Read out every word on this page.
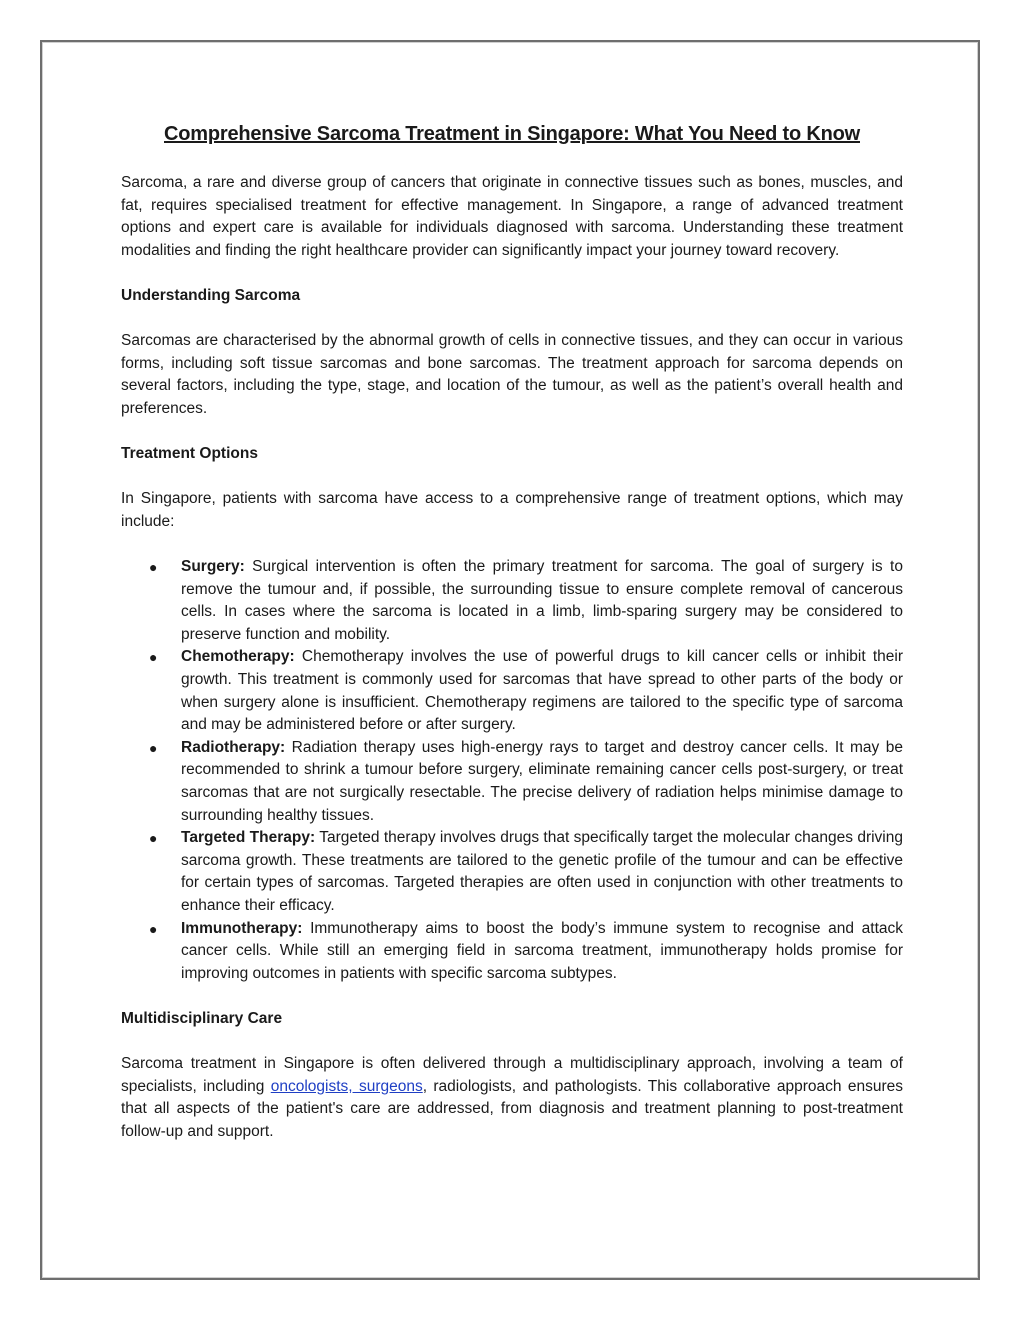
Comprehensive Sarcoma Treatment in Singapore: What You Need to Know

Sarcoma, a rare and diverse group of cancers that originate in connective tissues such as bones, muscles, and fat, requires specialised treatment for effective management. In Singapore, a range of advanced treatment options and expert care is available for individuals diagnosed with sarcoma. Understanding these treatment modalities and finding the right healthcare provider can significantly impact your journey toward recovery.

Understanding Sarcoma

Sarcomas are characterised by the abnormal growth of cells in connective tissues, and they can occur in various forms, including soft tissue sarcomas and bone sarcomas. The treatment approach for sarcoma depends on several factors, including the type, stage, and location of the tumour, as well as the patient’s overall health and preferences.

Treatment Options

In Singapore, patients with sarcoma have access to a comprehensive range of treatment options, which may include:

● Surgery: Surgical intervention is often the primary treatment for sarcoma. The goal of surgery is to remove the tumour and, if possible, the surrounding tissue to ensure complete removal of cancerous cells. In cases where the sarcoma is located in a limb, limb-sparing surgery may be considered to preserve function and mobility.
● Chemotherapy: Chemotherapy involves the use of powerful drugs to kill cancer cells or inhibit their growth. This treatment is commonly used for sarcomas that have spread to other parts of the body or when surgery alone is insufficient. Chemotherapy regimens are tailored to the specific type of sarcoma and may be administered before or after surgery.
● Radiotherapy: Radiation therapy uses high-energy rays to target and destroy cancer cells. It may be recommended to shrink a tumour before surgery, eliminate remaining cancer cells post-surgery, or treat sarcomas that are not surgically resectable. The precise delivery of radiation helps minimise damage to surrounding healthy tissues.
● Targeted Therapy: Targeted therapy involves drugs that specifically target the molecular changes driving sarcoma growth. These treatments are tailored to the genetic profile of the tumour and can be effective for certain types of sarcomas. Targeted therapies are often used in conjunction with other treatments to enhance their efficacy.
● Immunotherapy: Immunotherapy aims to boost the body’s immune system to recognise and attack cancer cells. While still an emerging field in sarcoma treatment, immunotherapy holds promise for improving outcomes in patients with specific sarcoma subtypes.
Multidisciplinary Care

Sarcoma treatment in Singapore is often delivered through a multidisciplinary approach, involving a team of specialists, including oncologists, surgeons, radiologists, and pathologists. This collaborative approach ensures that all aspects of the patient's care are addressed, from diagnosis and treatment planning to post-treatment follow-up and support.
